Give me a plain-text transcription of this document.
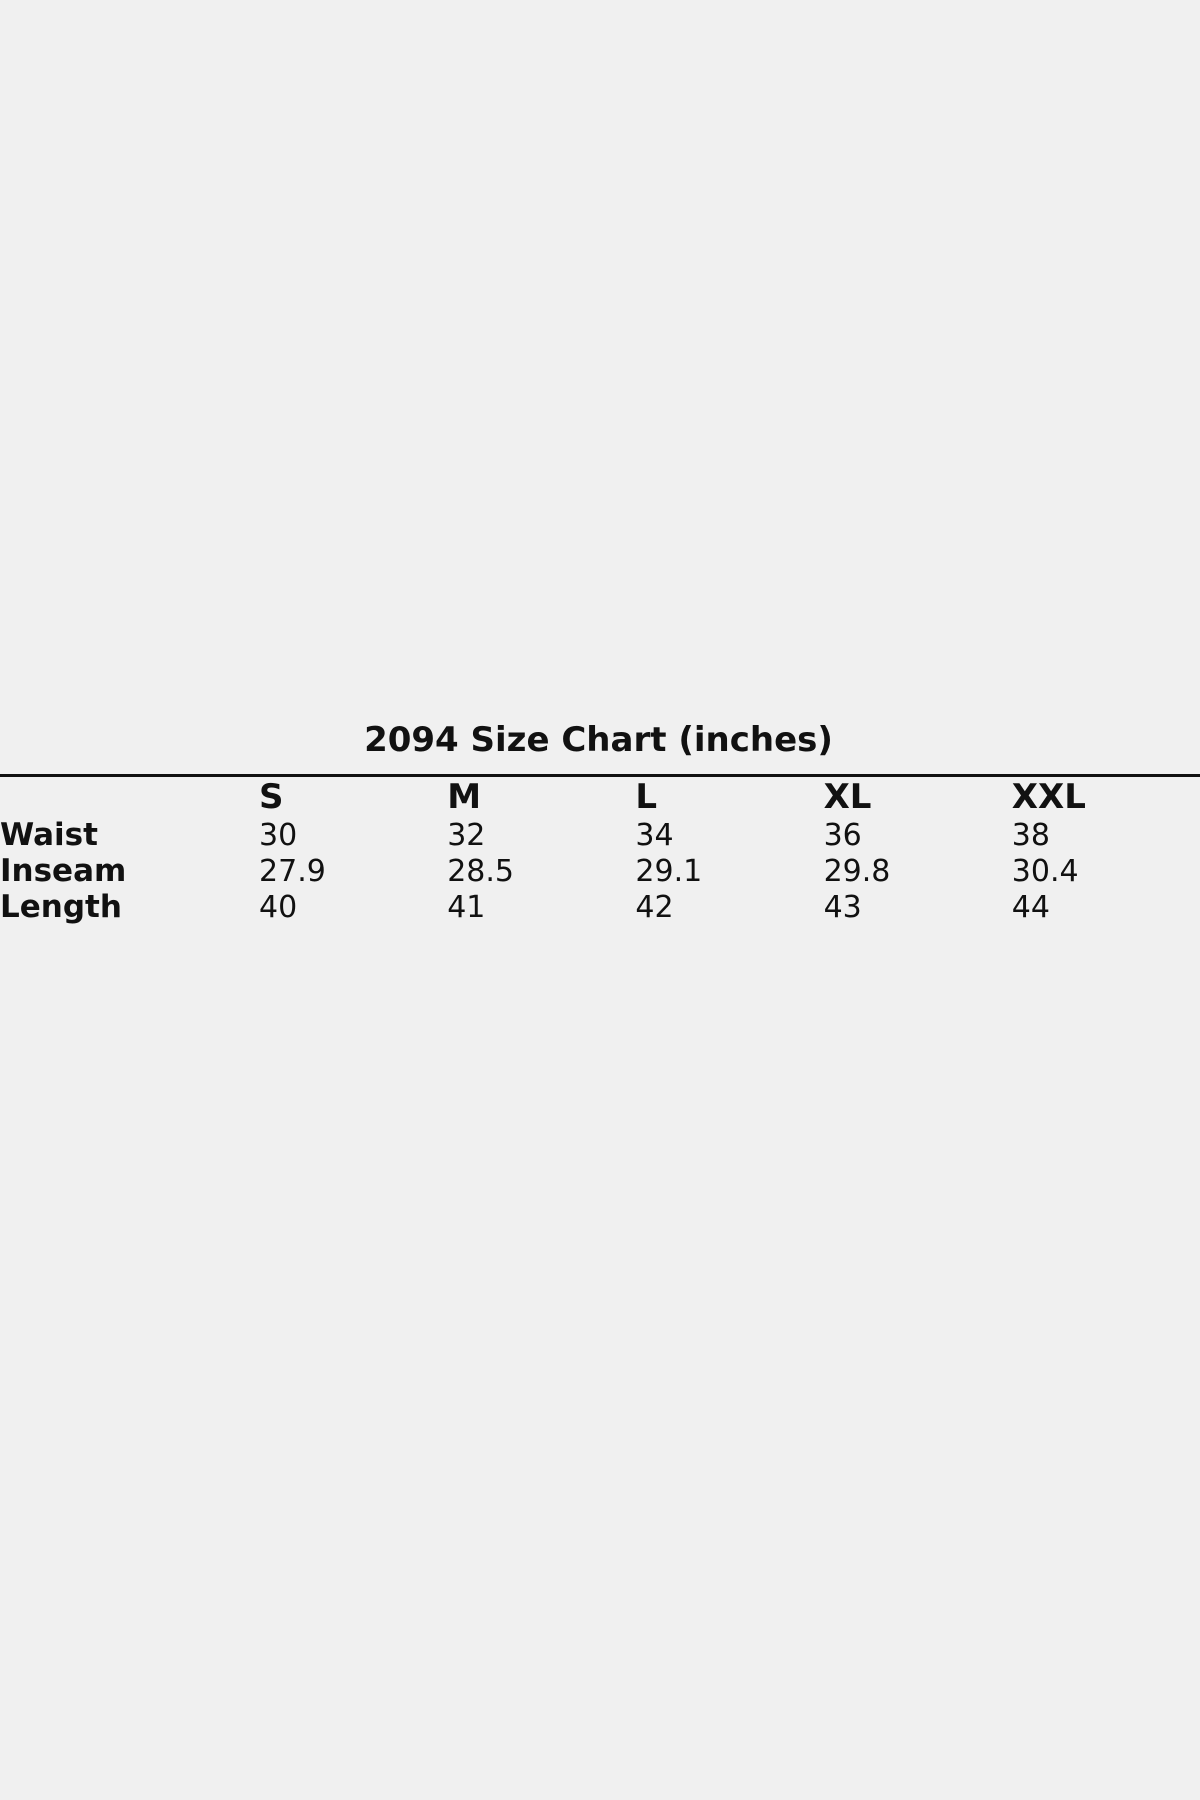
2094 Size Chart (inches)
	S	M	L	XL	XXL
Waist	30	32	34	36	38
Inseam	27.9	28.5	29.1	29.8	30.4
Length	40	41	42	43	44
